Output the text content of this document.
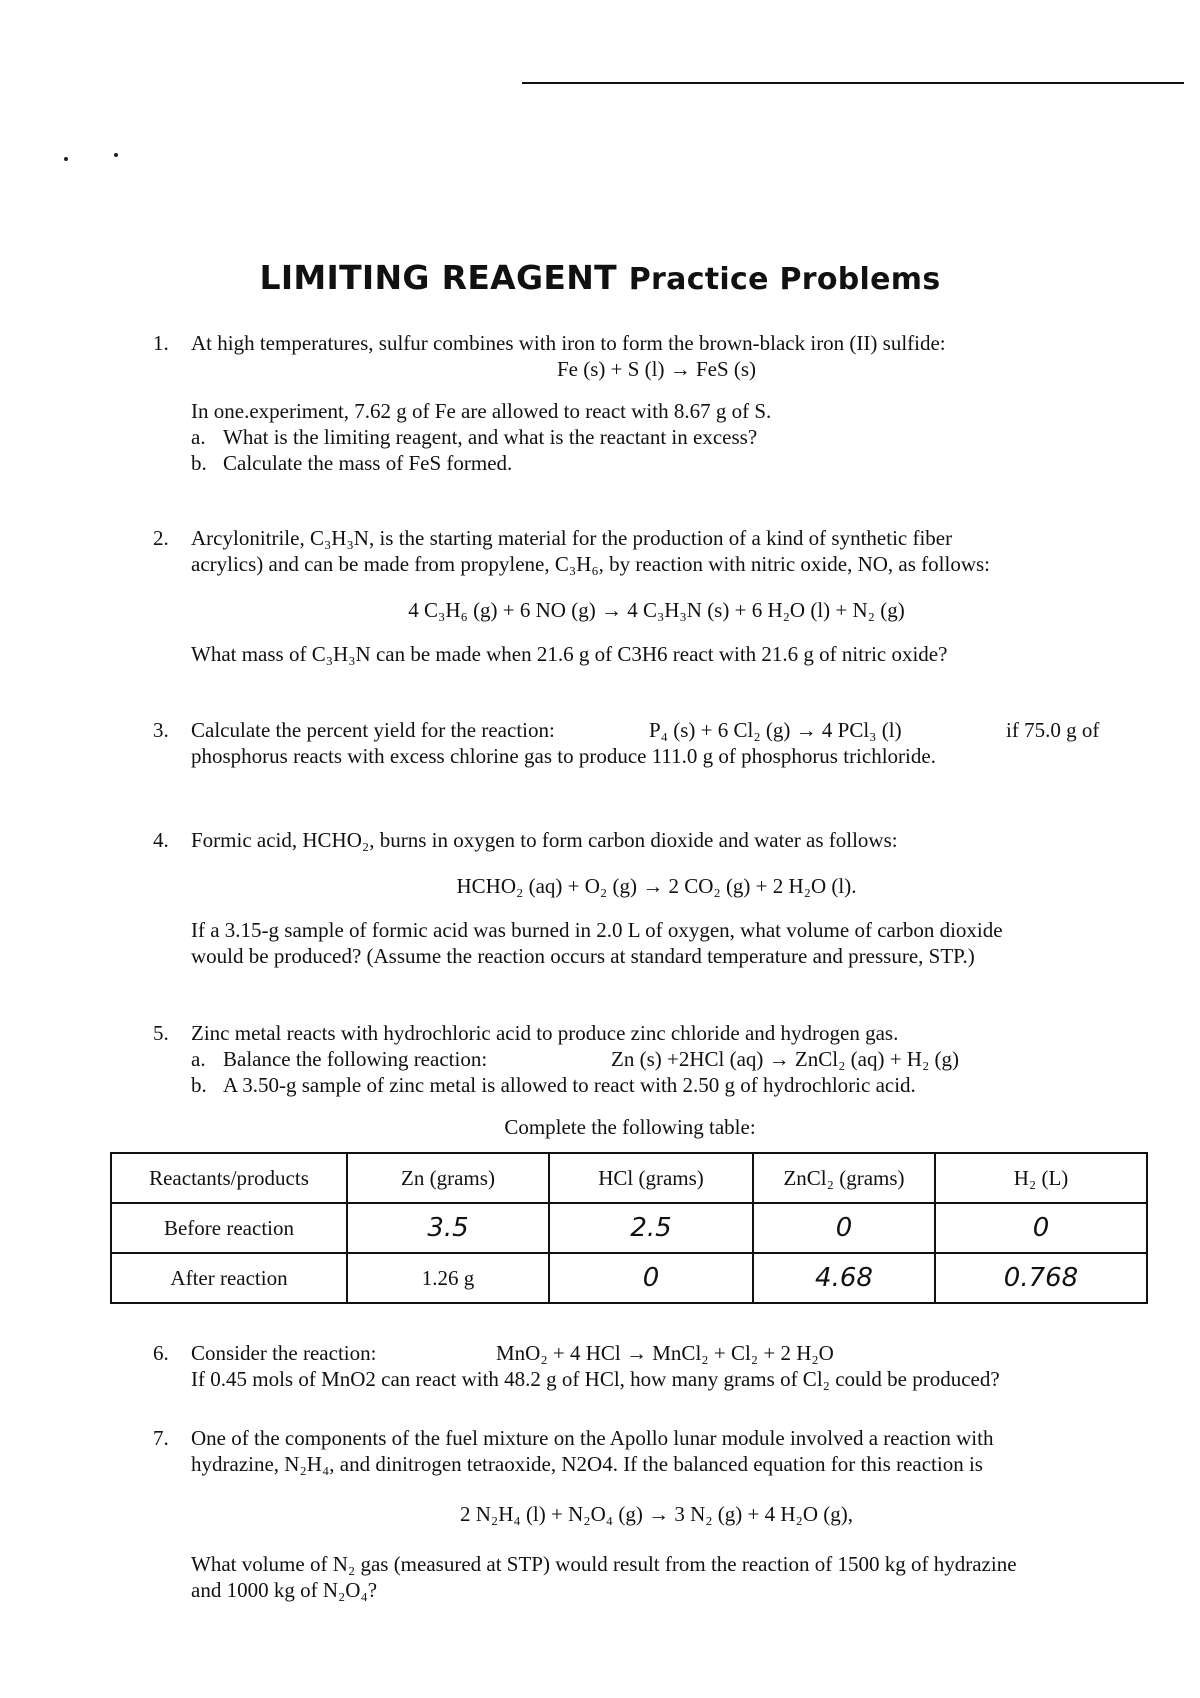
LIMITING REAGENT Practice Problems
1. At high temperatures, sulfur combines with iron to form the brown-black iron (II) sulfide:

Fe (s) + S (l) → FeS (s)

In one.experiment, 7.62 g of Fe are allowed to react with 8.67 g of S.
a. What is the limiting reagent, and what is the reactant in excess?
b. Calculate the mass of FeS formed.
2. Arcylonitrile, C₃H₃N, is the starting material for the production of a kind of synthetic fiber
acrylics) and can be made from propylene, C₃H₆, by reaction with nitric oxide, NO, as follows:

4 C₃H₆ (g) + 6 NO (g) → 4 C₃H₃N (s) + 6 H₂O (l) + N₂ (g)

What mass of C₃H₃N can be made when 21.6 g of C3H6 react with 21.6 g of nitric oxide?
3. Calculate the percent yield for the reaction:	P₄ (s) + 6 Cl₂ (g) → 4 PCl₃ (l)	if 75.0 g of
phosphorus reacts with excess chlorine gas to produce 111.0 g of phosphorus trichloride.
4. Formic acid, HCHO₂, burns in oxygen to form carbon dioxide and water as follows:

HCHO₂ (aq) + O₂ (g) → 2 CO₂ (g) + 2 H₂O (l).

If a 3.15-g sample of formic acid was burned in 2.0 L of oxygen, what volume of carbon dioxide
would be produced? (Assume the reaction occurs at standard temperature and pressure, STP.)
5. Zinc metal reacts with hydrochloric acid to produce zinc chloride and hydrogen gas.
a. Balance the following reaction:	Zn (s) +2HCl (aq) → ZnCl₂ (aq) + H₂ (g)
b. A 3.50-g sample of zinc metal is allowed to react with 2.50 g of hydrochloric acid.
Complete the following table:
Reactants/products	Zn (grams)	HCl (grams)	ZnCl₂ (grams)	H₂ (L)
Before reaction	3.5	2.5	0	0
After reaction	1.26 g	0	4.68	0.768
6. Consider the reaction:	MnO₂ + 4 HCl → MnCl₂ + Cl₂ + 2 H₂O
If 0.45 mols of MnO2 can react with 48.2 g of HCl, how many grams of Cl₂ could be produced?
7. One of the components of the fuel mixture on the Apollo lunar module involved a reaction with
hydrazine, N₂H₄, and dinitrogen tetraoxide, N2O4. If the balanced equation for this reaction is

2 N₂H₄ (l) + N₂O₄ (g) → 3 N₂ (g) + 4 H₂O (g),

What volume of N₂ gas (measured at STP) would result from the reaction of 1500 kg of hydrazine
and 1000 kg of N₂O₄?
